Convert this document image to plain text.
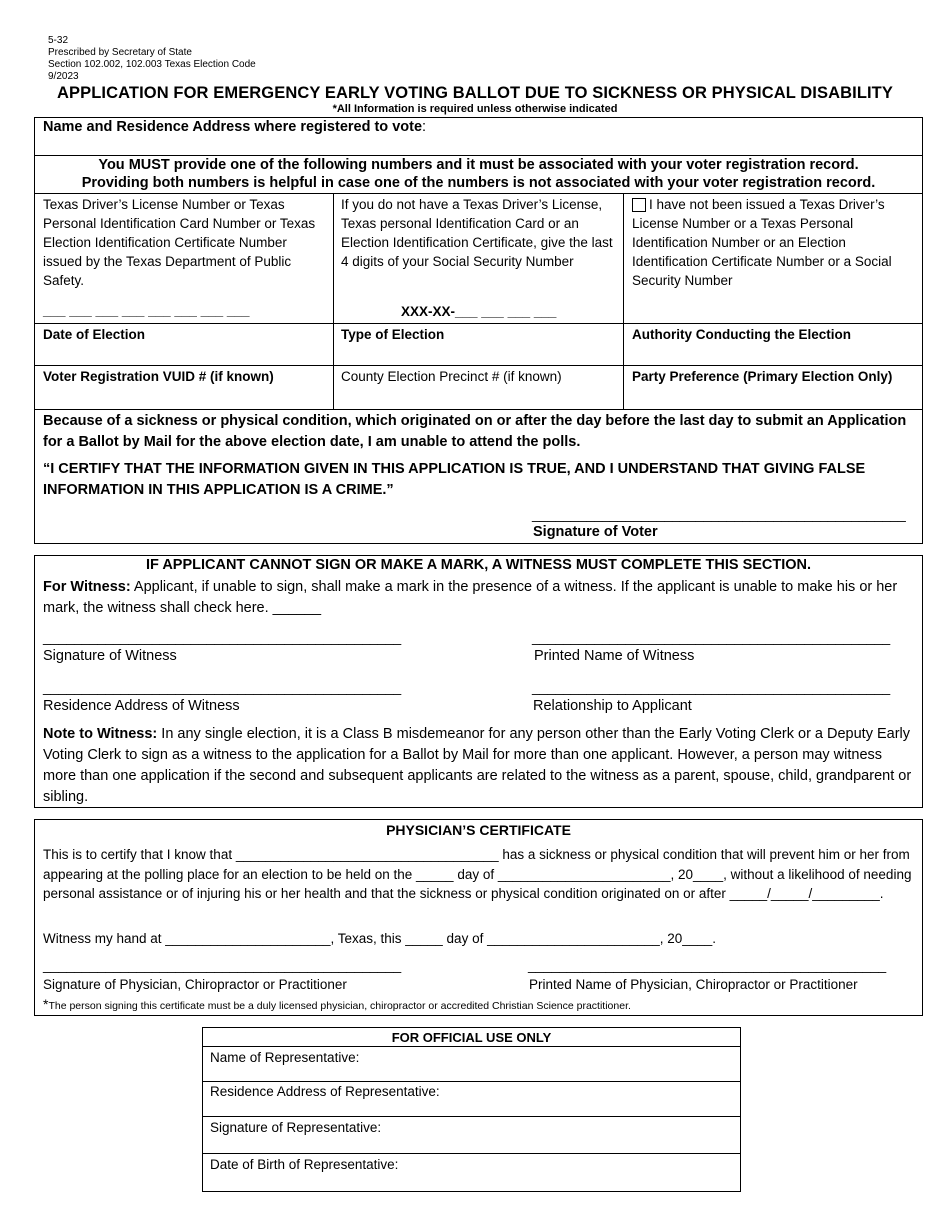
5-32
Prescribed by Secretary of State
Section 102.002, 102.003 Texas Election Code
9/2023
APPLICATION FOR EMERGENCY EARLY VOTING BALLOT DUE TO SICKNESS OR PHYSICAL DISABILITY
*All Information is required unless otherwise indicated
Name and Residence Address where registered to vote:
You MUST provide one of the following numbers and it must be associated with your voter registration record.
Providing both numbers is helpful in case one of the numbers is not associated with your voter registration record.
Texas Driver’s License Number or Texas Personal Identification Card Number or Texas Election Identification Certificate Number issued by the Texas Department of Public Safety.
___ ___ ___ ___ ___ ___ ___ ___
If you do not have a Texas Driver’s License, Texas personal Identification Card or an Election Identification Certificate, give the last 4 digits of your Social Security Number
XXX-XX-___ ___ ___ ___
I have not been issued a Texas Driver’s License Number or a Texas Personal Identification Number or an Election Identification Certificate Number or a Social Security Number
Date of Election	Type of Election	Authority Conducting the Election
Voter Registration VUID # (if known)	County Election Precinct # (if known)	Party Preference (Primary Election Only)
Because of a sickness or physical condition, which originated on or after the day before the last day to submit an Application for a Ballot by Mail for the above election date, I am unable to attend the polls.
“I CERTIFY THAT THE INFORMATION GIVEN IN THIS APPLICATION IS TRUE, AND I UNDERSTAND THAT GIVING FALSE INFORMATION IN THIS APPLICATION IS A CRIME.”
________________________________________________
Signature of Voter
IF APPLICANT CANNOT SIGN OR MAKE A MARK, A WITNESS MUST COMPLETE THIS SECTION.
For Witness: Applicant, if unable to sign, shall make a mark in the presence of a witness. If the applicant is unable to make his or her mark, the witness shall check here. ______
______________________________________________
Signature of Witness
______________________________________________
Printed Name of Witness
______________________________________________
Residence Address of Witness
______________________________________________
Relationship to Applicant
Note to Witness: In any single election, it is a Class B misdemeanor for any person other than the Early Voting Clerk or a Deputy Early Voting Clerk to sign as a witness to the application for a Ballot by Mail for more than one applicant. However, a person may witness more than one application if the second and subsequent applicants are related to the witness as a parent, spouse, child, grandparent or sibling.
PHYSICIAN’S CERTIFICATE
This is to certify that I know that ___________________________________ has a sickness or physical condition that will prevent him or her from appearing at the polling place for an election to be held on the _____ day of _______________________, 20____, without a likelihood of needing personal assistance or of injuring his or her health and that the sickness or physical condition originated on or after _____/_____/_________.
Witness my hand at ______________________, Texas, this _____ day of _______________________, 20____.
______________________________________________
Signature of Physician, Chiropractor or Practitioner
______________________________________________
Printed Name of Physician, Chiropractor or Practitioner
*The person signing this certificate must be a duly licensed physician, chiropractor or accredited Christian Science practitioner.
FOR OFFICIAL USE ONLY
Name of Representative:
Residence Address of Representative:
Signature of Representative:
Date of Birth of Representative:
